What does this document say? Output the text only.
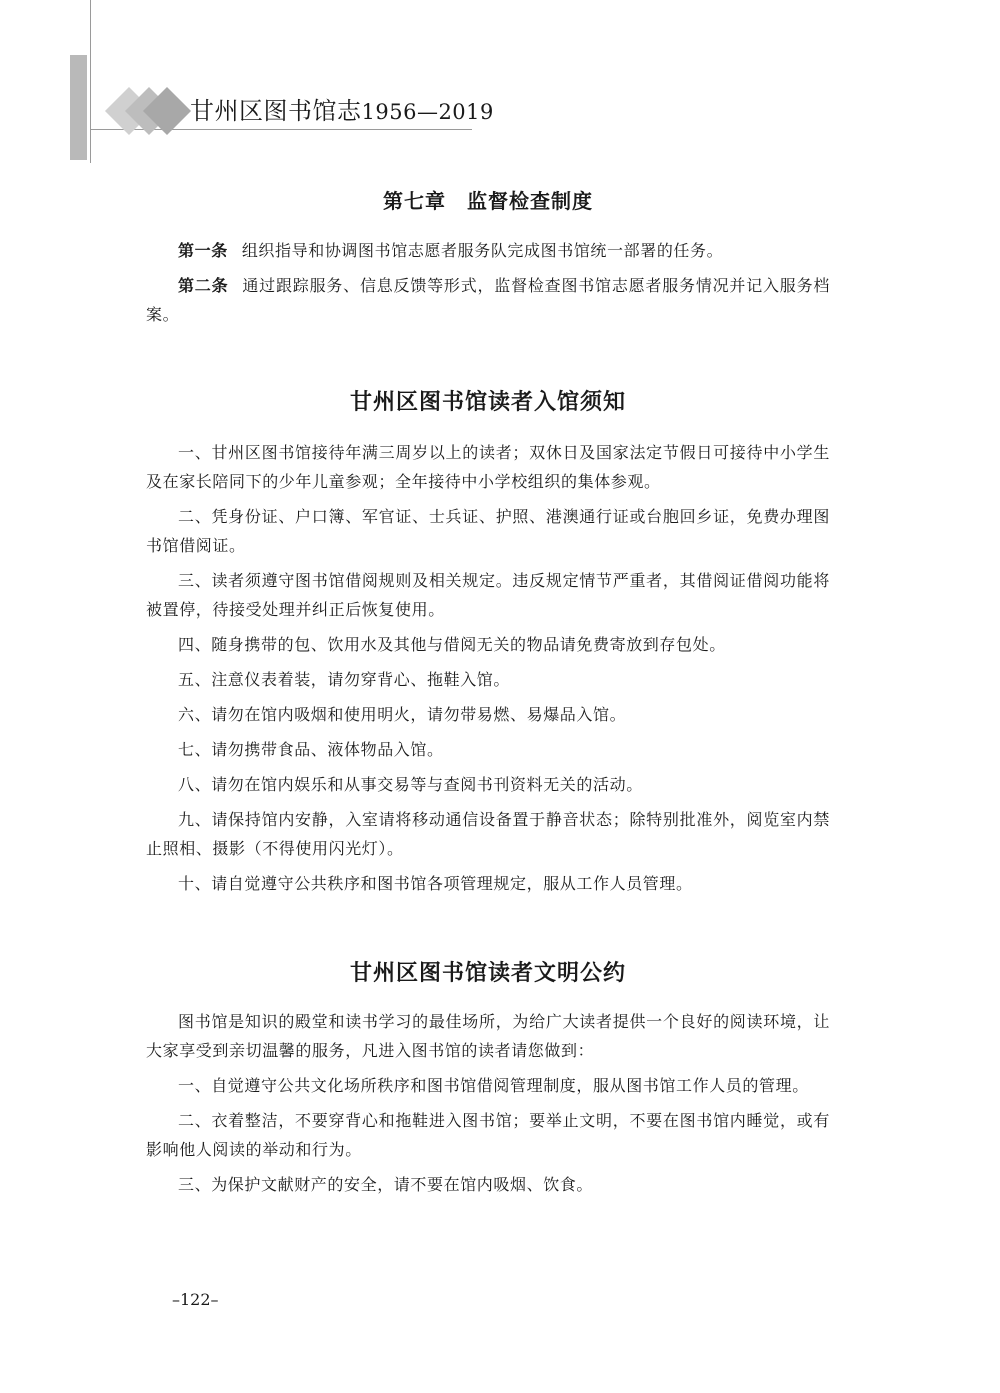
甘州区图书馆志1956—2019
第七章　监督检查制度

第一条 组织指导和协调图书馆志愿者服务队完成图书馆统一部署的任务。

第二条 通过跟踪服务、信息反馈等形式，监督检查图书馆志愿者服务情况并记入服务档案。

甘州区图书馆读者入馆须知

一、甘州区图书馆接待年满三周岁以上的读者；双休日及国家法定节假日可接待中小学生及在家长陪同下的少年儿童参观；全年接待中小学校组织的集体参观。

二、凭身份证、户口簿、军官证、士兵证、护照、港澳通行证或台胞回乡证，免费办理图书馆借阅证。

三、读者须遵守图书馆借阅规则及相关规定。违反规定情节严重者，其借阅证借阅功能将被置停，待接受处理并纠正后恢复使用。

四、随身携带的包、饮用水及其他与借阅无关的物品请免费寄放到存包处。

五、注意仪表着装，请勿穿背心、拖鞋入馆。

六、请勿在馆内吸烟和使用明火，请勿带易燃、易爆品入馆。

七、请勿携带食品、液体物品入馆。

八、请勿在馆内娱乐和从事交易等与查阅书刊资料无关的活动。

九、请保持馆内安静，入室请将移动通信设备置于静音状态；除特别批准外，阅览室内禁止照相、摄影（不得使用闪光灯）。

十、请自觉遵守公共秩序和图书馆各项管理规定，服从工作人员管理。

甘州区图书馆读者文明公约

图书馆是知识的殿堂和读书学习的最佳场所，为给广大读者提供一个良好的阅读环境，让大家享受到亲切温馨的服务，凡进入图书馆的读者请您做到：

一、自觉遵守公共文化场所秩序和图书馆借阅管理制度，服从图书馆工作人员的管理。

二、衣着整洁，不要穿背心和拖鞋进入图书馆；要举止文明，不要在图书馆内睡觉，或有影响他人阅读的举动和行为。

三、为保护文献财产的安全，请不要在馆内吸烟、饮食。

–122–
